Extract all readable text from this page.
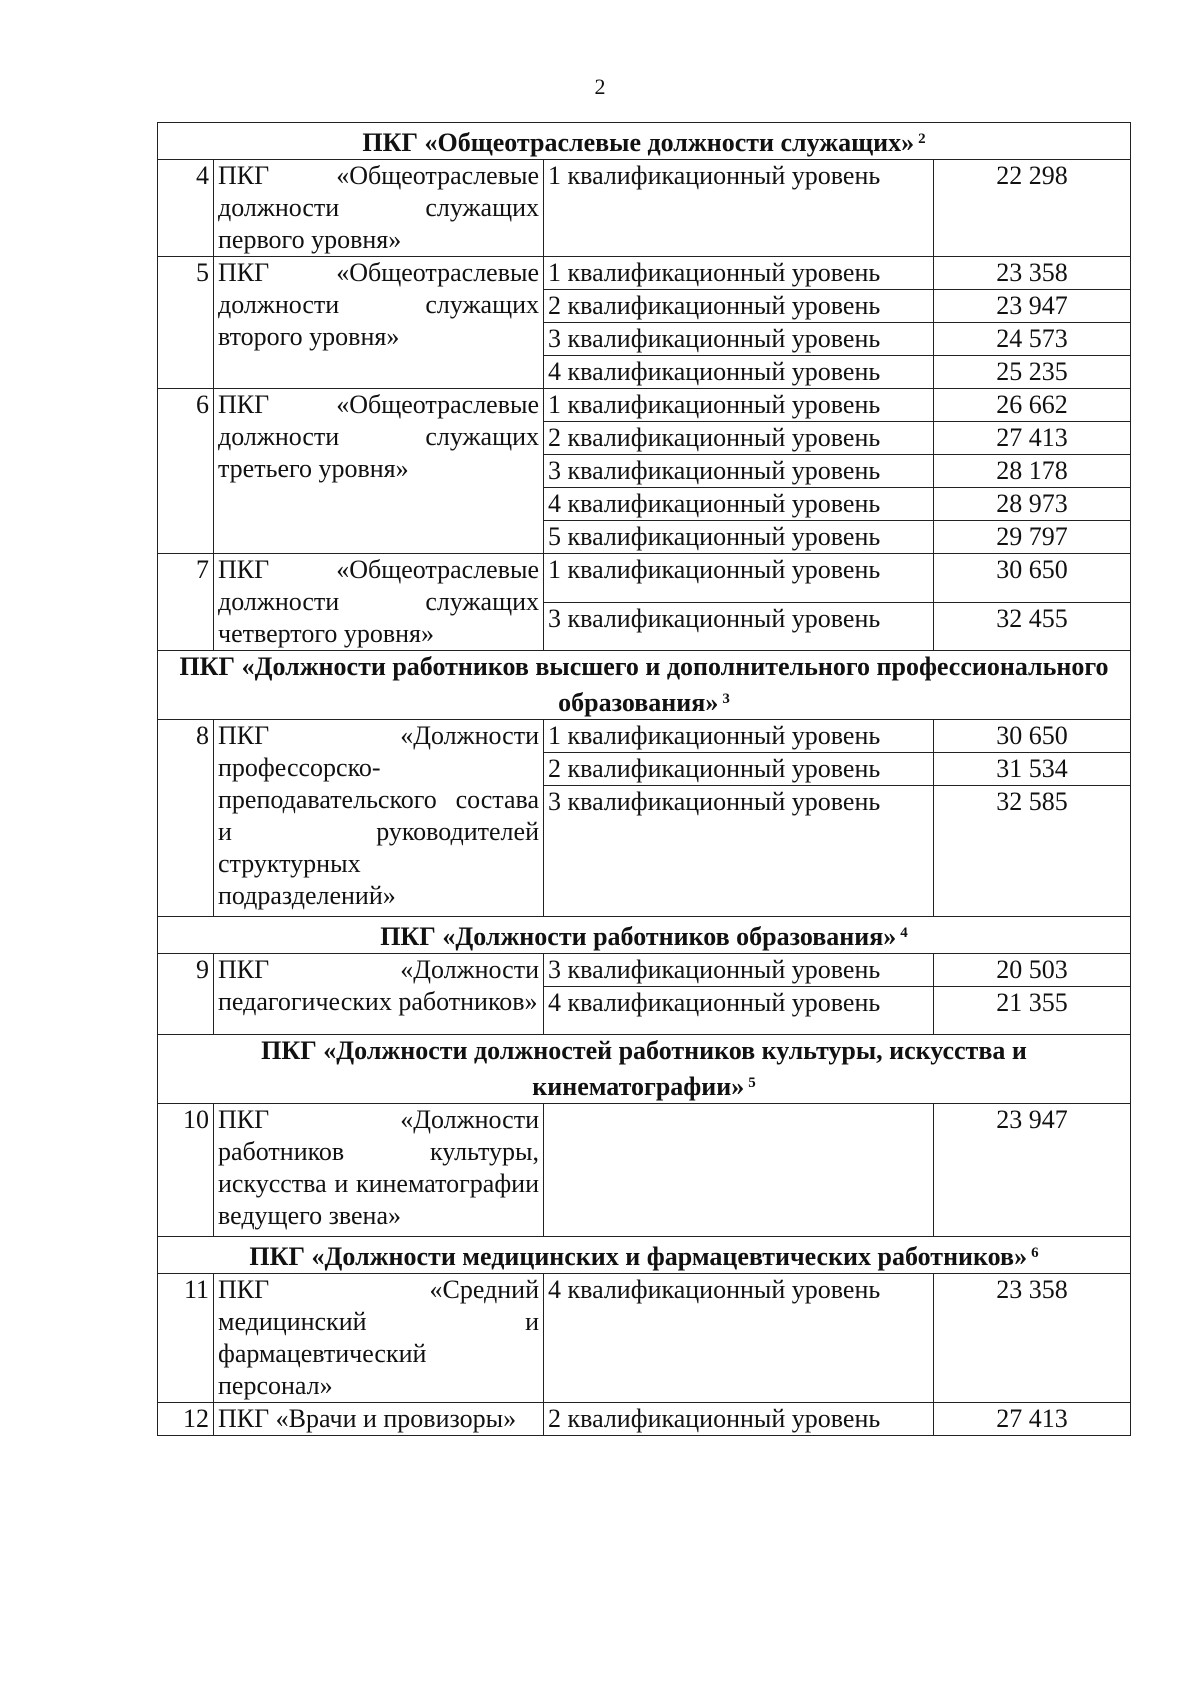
2
ПКГ «Общеотраслевые должности служащих» $^2$
4	ПКГ «Общеотраслевые должности служащих первого уровня»	1 квалификационный уровень	22 298
5	ПКГ «Общеотраслевые должности служащих второго уровня»	1 квалификационный уровень	23 358
		2 квалификационный уровень	23 947
		3 квалификационный уровень	24 573
		4 квалификационный уровень	25 235
6	ПКГ «Общеотраслевые должности служащих третьего уровня»	1 квалификационный уровень	26 662
		2 квалификационный уровень	27 413
		3 квалификационный уровень	28 178
		4 квалификационный уровень	28 973
		5 квалификационный уровень	29 797
7	ПКГ «Общеотраслевые должности служащих четвертого уровня»	1 квалификационный уровень	30 650
		3 квалификационный уровень	32 455
ПКГ «Должности работников высшего и дополнительного профессионального образования» $^3$
8	ПКГ «Должности профессорско-преподавательского состава и руководителей структурных подразделений»	1 квалификационный уровень	30 650
		2 квалификационный уровень	31 534
		3 квалификационный уровень	32 585
ПКГ «Должности работников образования» $^4$
9	ПКГ «Должности педагогических работников»	3 квалификационный уровень	20 503
		4 квалификационный уровень	21 355
ПКГ «Должности должностей работников культуры, искусства и кинематографии» $^5$
10	ПКГ «Должности работников культуры, искусства и кинематографии ведущего звена»		23 947
ПКГ «Должности медицинских и фармацевтических работников» $^6$
11	ПКГ «Средний медицинский и фармацевтический персонал»	4 квалификационный уровень	23 358
12	ПКГ «Врачи и провизоры»	2 квалификационный уровень	27 413
